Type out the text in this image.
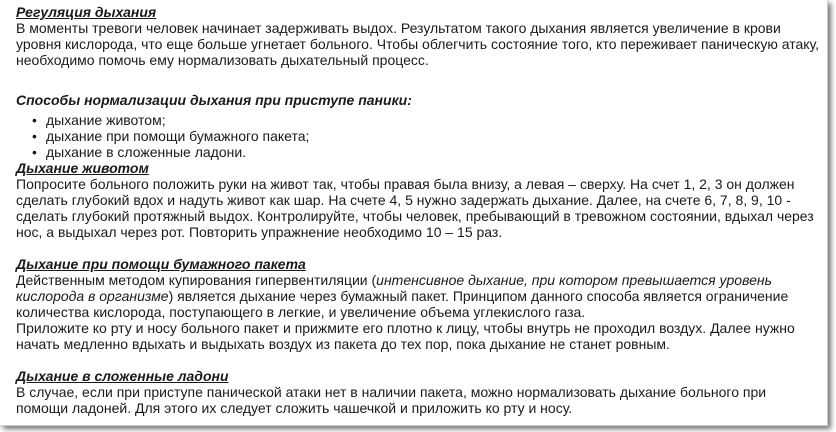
Регуляция дыхания

В моменты тревоги человек начинает задерживать выдох. Результатом такого дыхания является увеличение в крови

уровня кислорода, что еще больше угнетает больного. Чтобы облегчить состояние того, кто переживает паническую атаку,

необходимо помочь ему нормализовать дыхательный процесс.

Способы нормализации дыхания при приступе паники:

• дыхание животом;
• дыхание при помощи бумажного пакета;
• дыхание в сложенные ладони.

Дыхание животом

Попросите больного положить руки на живот так, чтобы правая была внизу, а левая – сверху. На счет 1, 2, 3 он должен

сделать глубокий вдох и надуть живот как шар. На счете 4, 5 нужно задержать дыхание. Далее, на счете 6, 7, 8, 9, 10 -

сделать глубокий протяжный выдох. Контролируйте, чтобы человек, пребывающий в тревожном состоянии, вдыхал через

нос, а выдыхал через рот. Повторить упражнение необходимо 10 – 15 раз.

Дыхание при помощи бумажного пакета

Действенным методом купирования гипервентиляции (интенсивное дыхание, при котором превышается уровень

кислорода в организме) является дыхание через бумажный пакет. Принципом данного способа является ограничение

количества кислорода, поступающего в легкие, и увеличение объема углекислого газа.

Приложите ко рту и носу больного пакет и прижмите его плотно к лицу, чтобы внутрь не проходил воздух. Далее нужно

начать медленно вдыхать и выдыхать воздух из пакета до тех пор, пока дыхание не станет ровным.

Дыхание в сложенные ладони

В случае, если при приступе панической атаки нет в наличии пакета, можно нормализовать дыхание больного при

помощи ладоней. Для этого их следует сложить чашечкой и приложить ко рту и носу.
